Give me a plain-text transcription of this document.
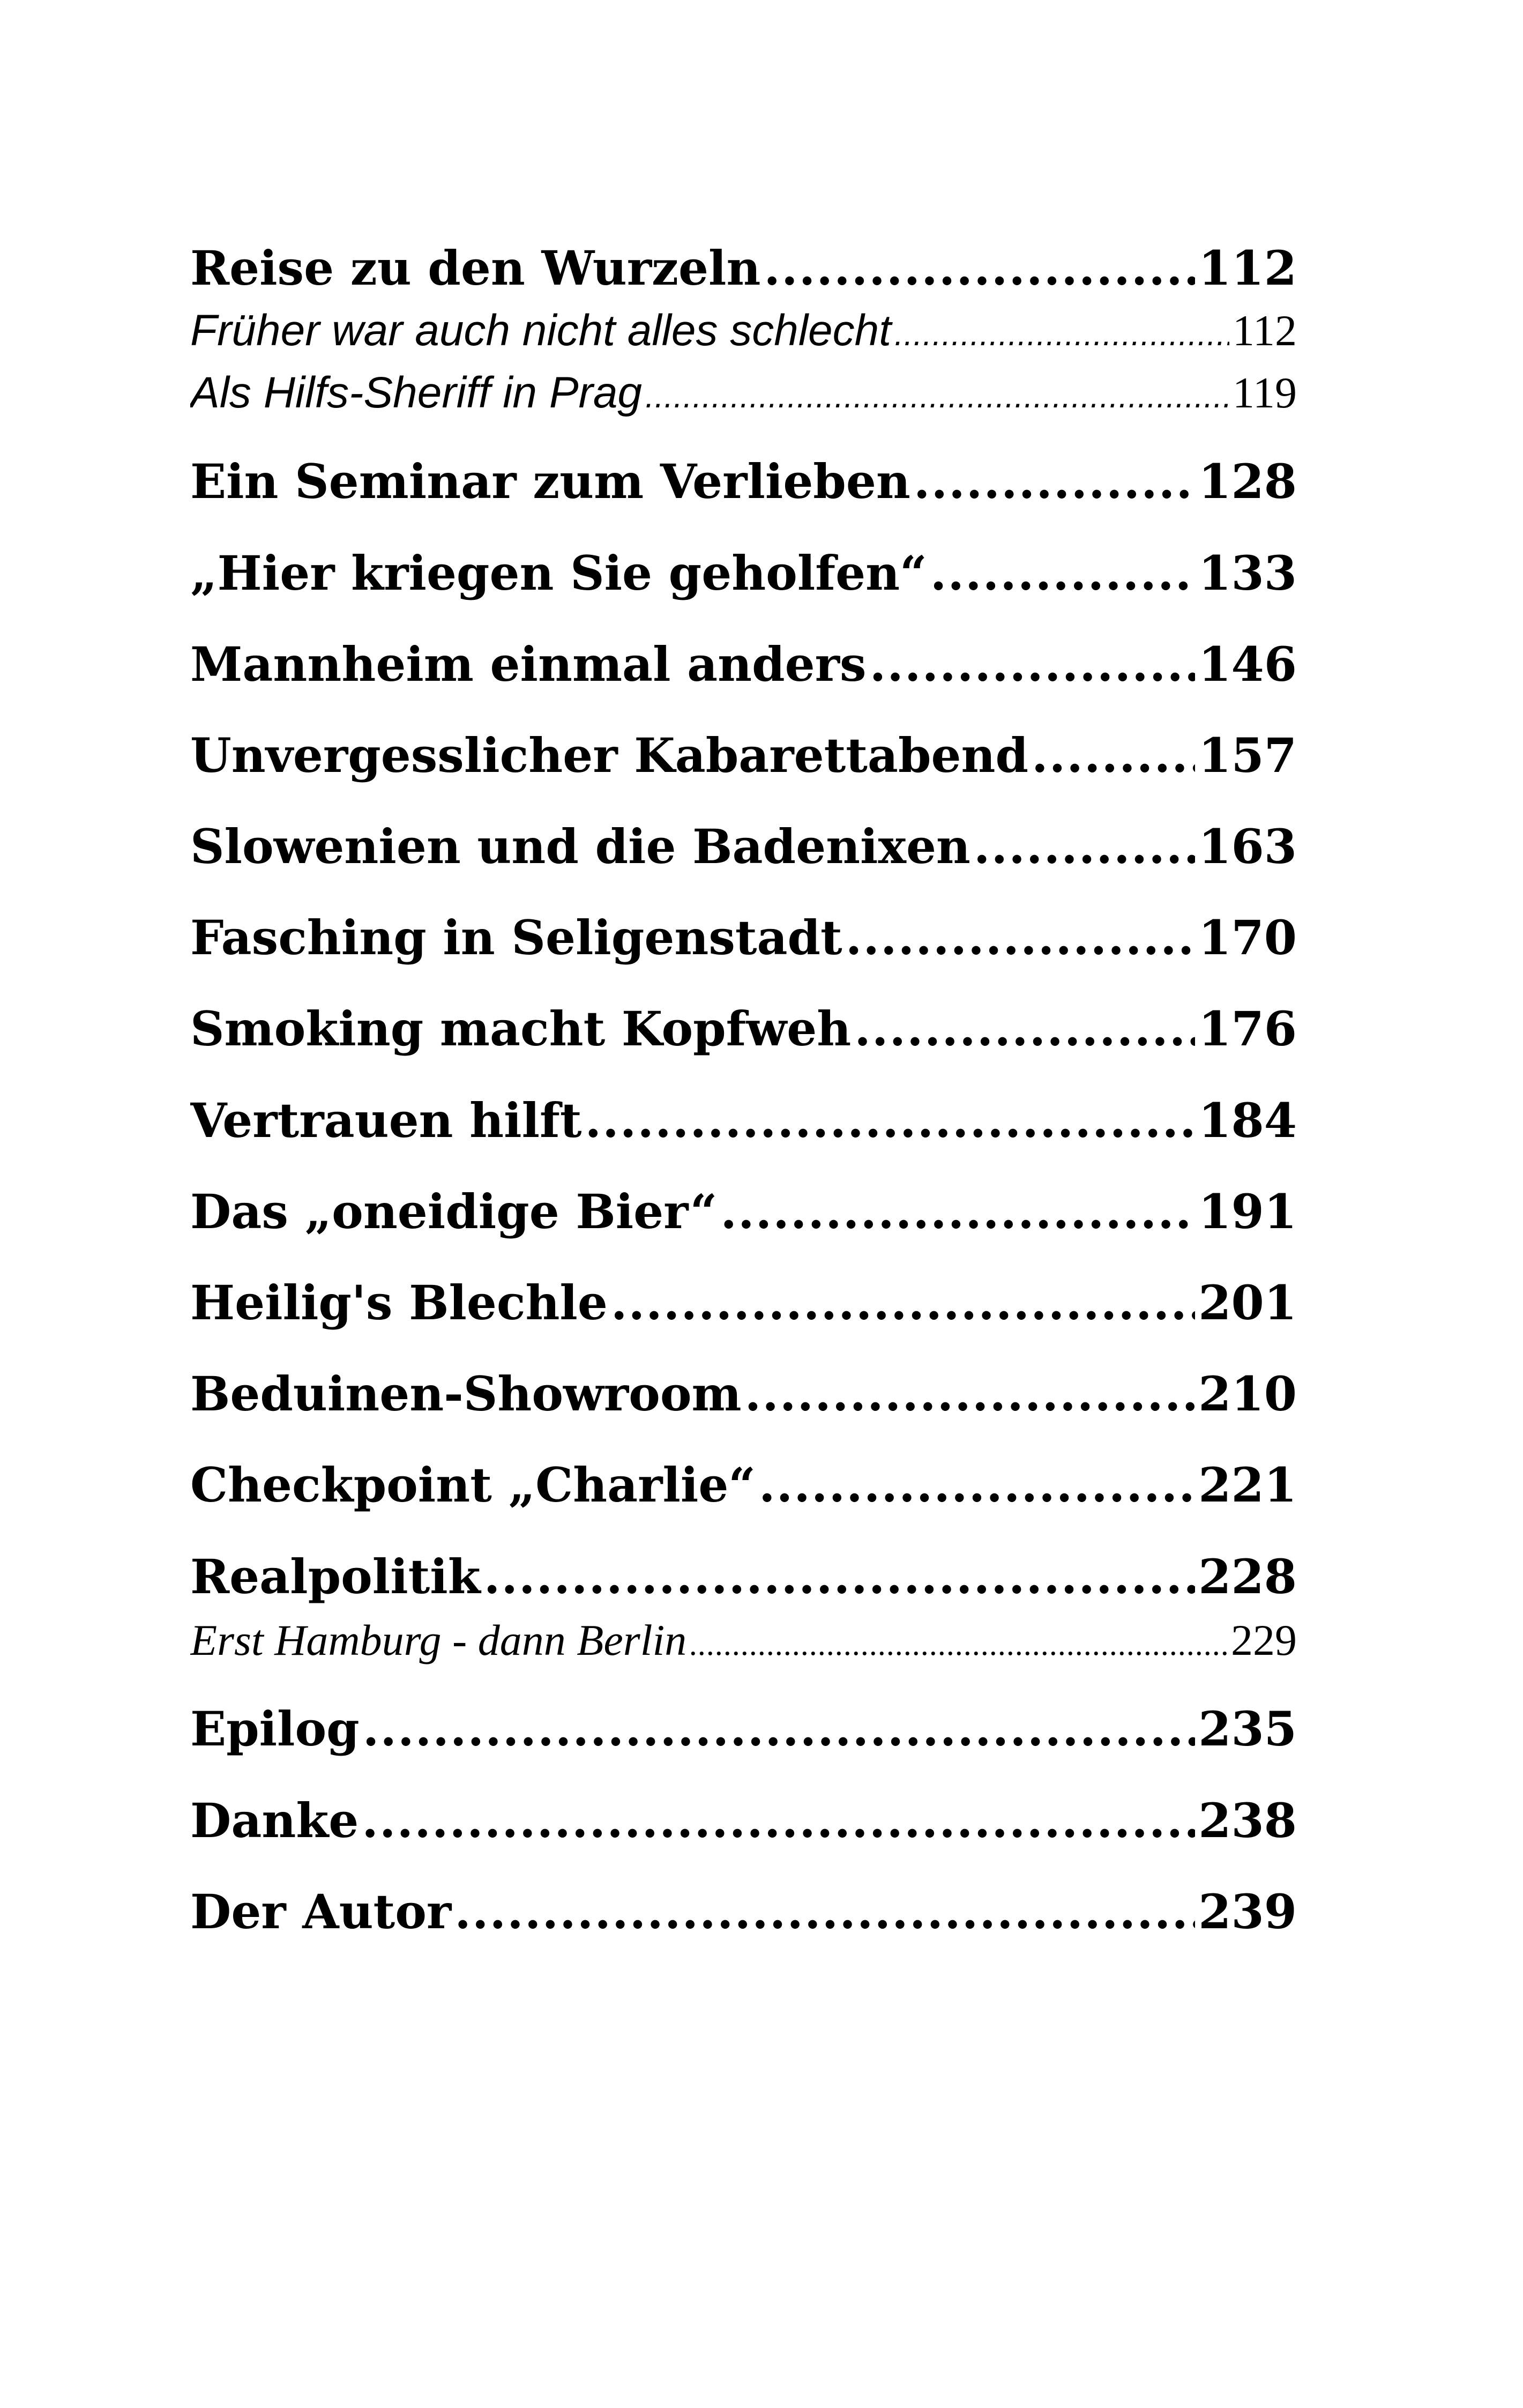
Reise zu den Wurzeln .....	112
Früher war auch nicht alles schlecht .....	112
Als Hilfs-Sheriff in Prag .....	119
Ein Seminar zum Verlieben .....	128
„Hier kriegen Sie geholfen“ .....	133
Mannheim einmal anders .....	146
Unvergesslicher Kabarettabend .....	157
Slowenien und die Badenixen .....	163
Fasching in Seligenstadt .....	170
Smoking macht Kopfweh .....	176
Vertrauen hilft .....	184
Das „oneidige Bier“ .....	191
Heilig's Blechle .....	201
Beduinen-Showroom .....	210
Checkpoint „Charlie“ .....	221
Realpolitik .....	228
Erst Hamburg - dann Berlin .....	229
Epilog .....	235
Danke .....	238
Der Autor .....	239
